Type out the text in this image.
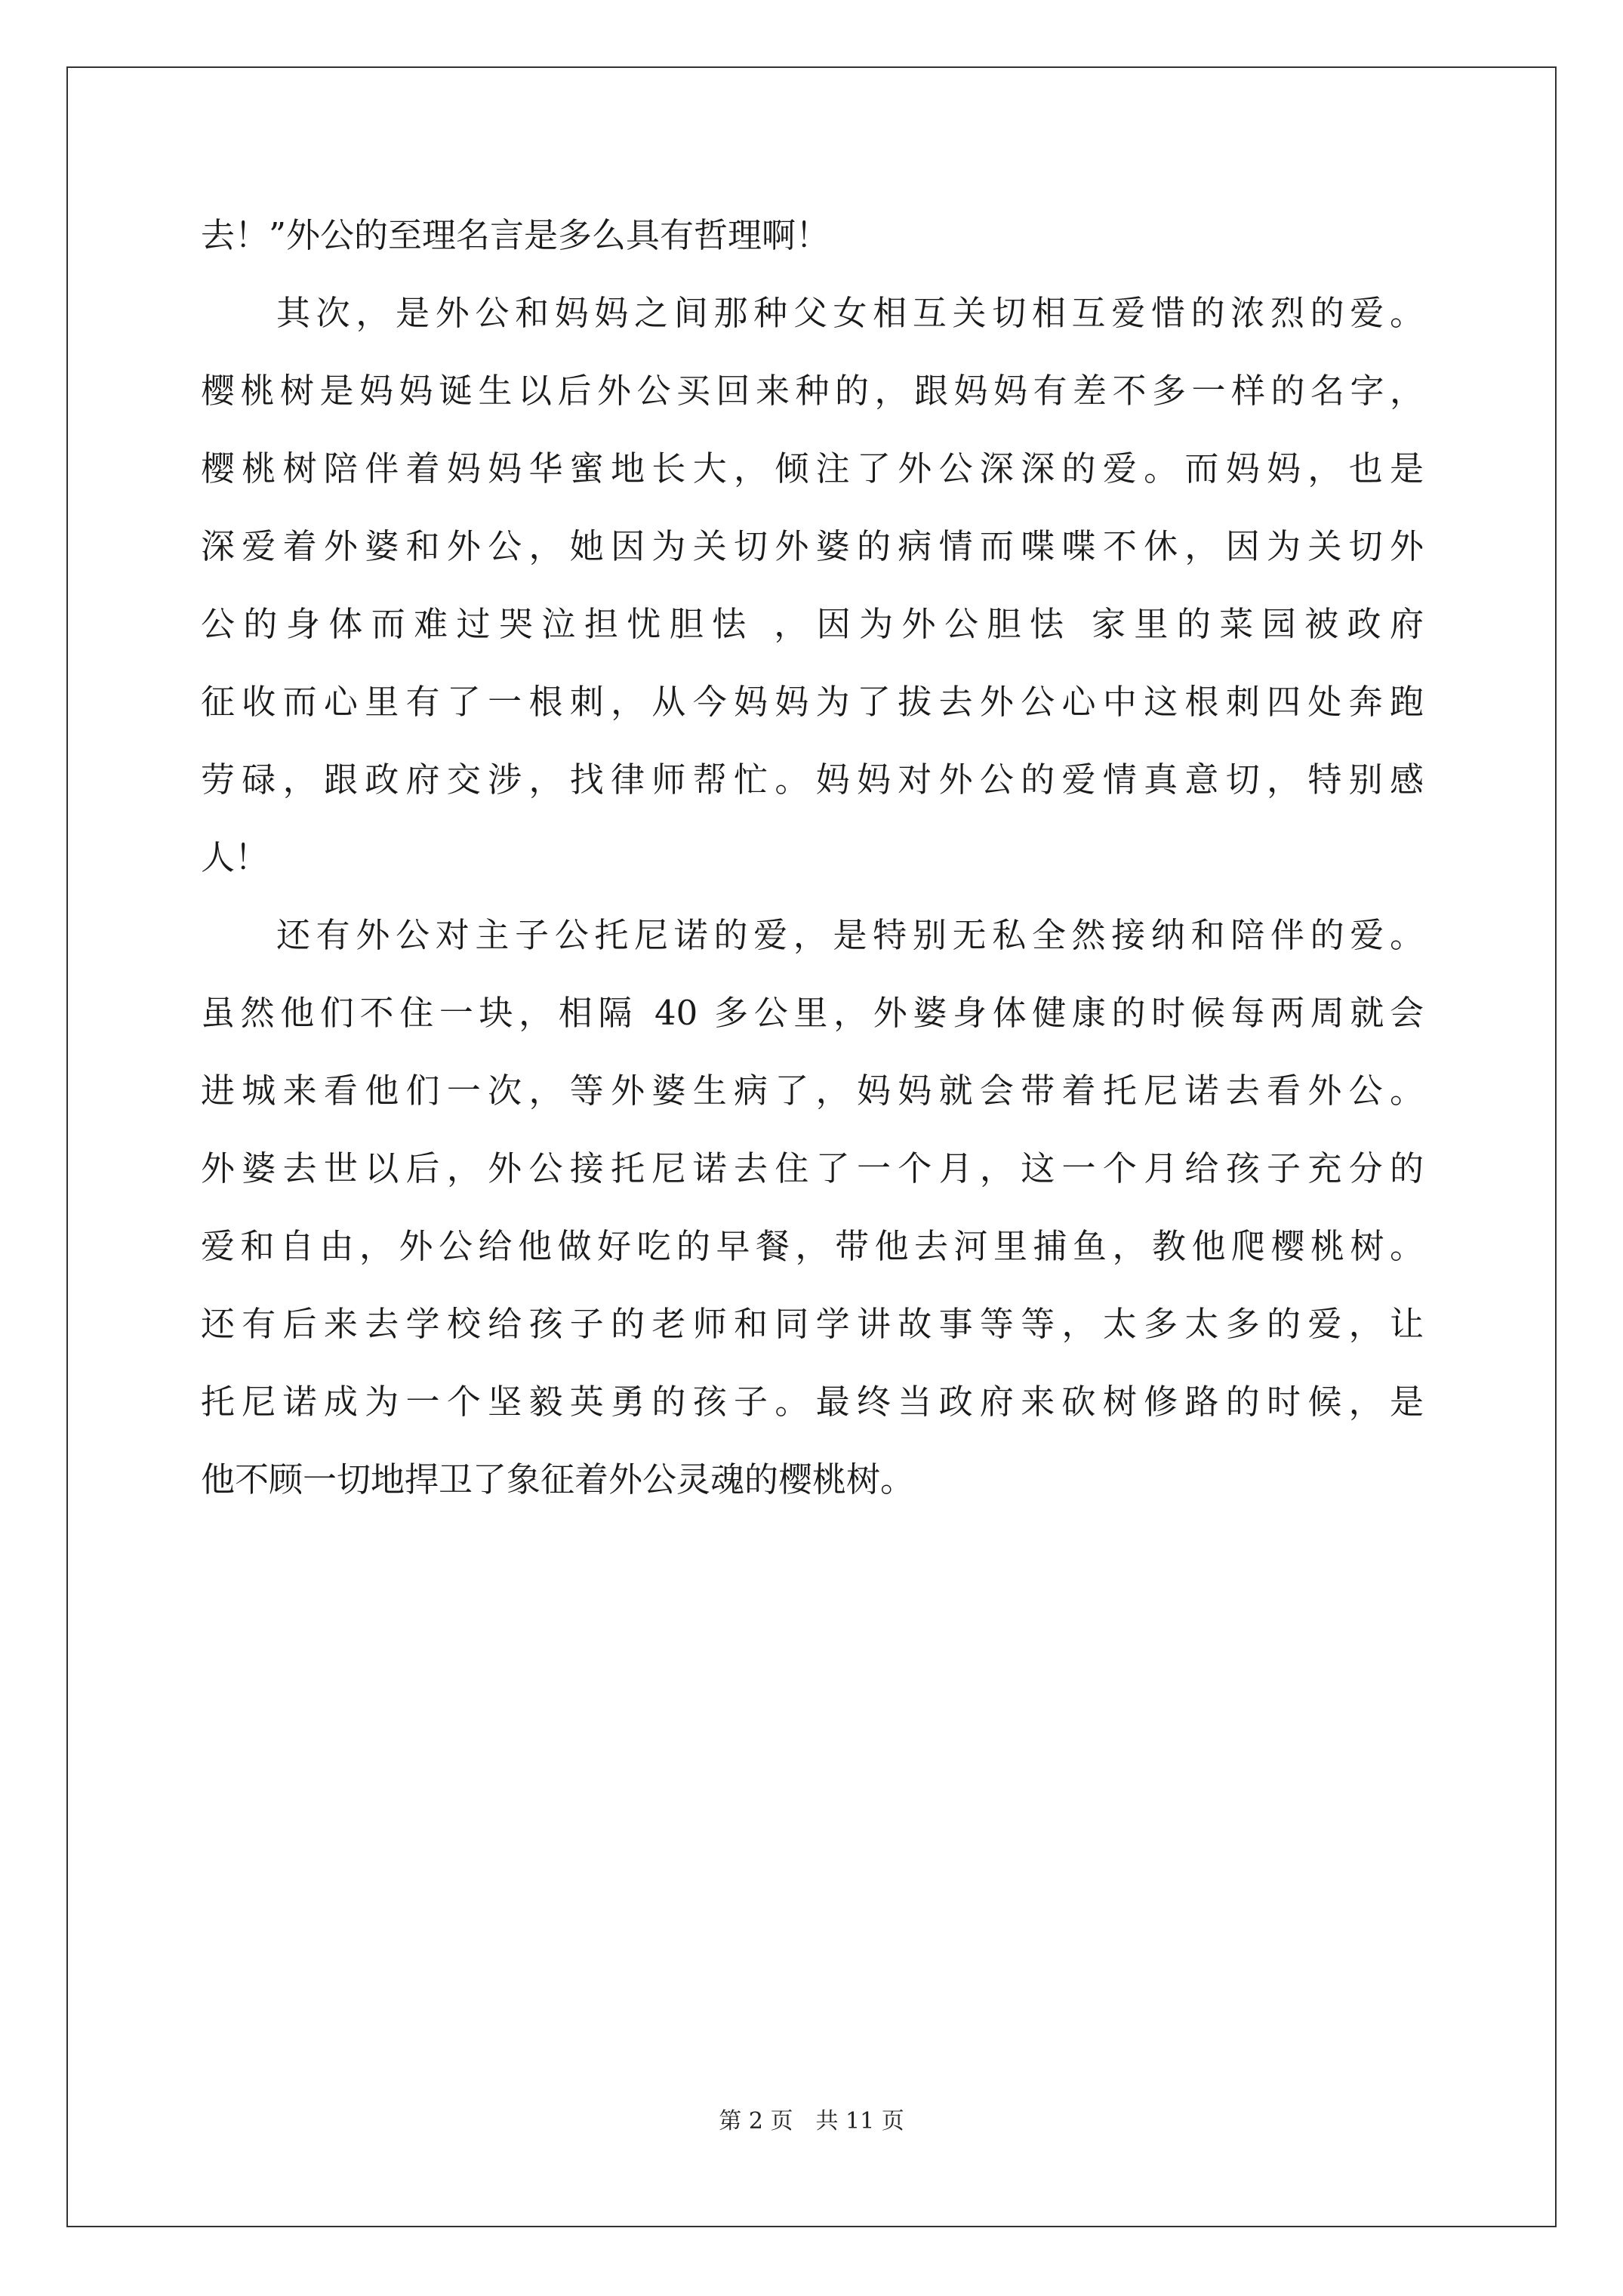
去！”外公的至理名言是多么具有哲理啊！
其次，是外公和妈妈之间那种父女相互关切相互爱惜的浓烈的爱。
樱桃树是妈妈诞生以后外公买回来种的，跟妈妈有差不多一样的名字，
樱桃树陪伴着妈妈华蜜地长大，倾注了外公深深的爱。而妈妈，也是
深爱着外婆和外公，她因为关切外婆的病情而喋喋不休，因为关切外
公的身体而难过哭泣担忧胆怯 ，因为外公胆怯 家里的菜园被政府
征收而心里有了一根刺，从今妈妈为了拔去外公心中这根刺四处奔跑
劳碌，跟政府交涉，找律师帮忙。妈妈对外公的爱情真意切，特别感
人！
还有外公对主子公托尼诺的爱，是特别无私全然接纳和陪伴的爱。
虽然他们不住一块，相隔 40 多公里，外婆身体健康的时候每两周就会
进城来看他们一次，等外婆生病了，妈妈就会带着托尼诺去看外公。
外婆去世以后，外公接托尼诺去住了一个月，这一个月给孩子充分的
爱和自由，外公给他做好吃的早餐，带他去河里捕鱼，教他爬樱桃树。
还有后来去学校给孩子的老师和同学讲故事等等，太多太多的爱，让
托尼诺成为一个坚毅英勇的孩子。最终当政府来砍树修路的时候，是
他不顾一切地捍卫了象征着外公灵魂的樱桃树。
第 2 页　共 11 页
